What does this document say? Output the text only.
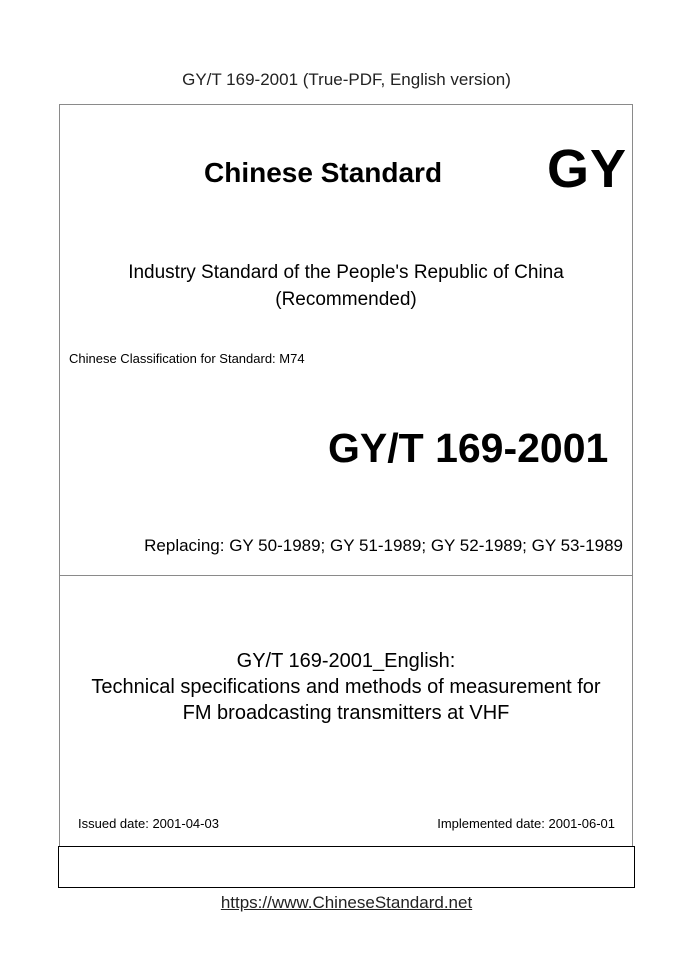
GY/T 169-2001 (True-PDF, English version)
Chinese Standard GY
Industry Standard of the People's Republic of China
(Recommended)
Chinese Classification for Standard: M74
GY/T 169-2001
Replacing: GY 50-1989; GY 51-1989; GY 52-1989; GY 53-1989
GY/T 169-2001_English:
Technical specifications and methods of measurement for
FM broadcasting transmitters at VHF
Issued date: 2001-04-03	Implemented date: 2001-06-01
https://www.ChineseStandard.net
